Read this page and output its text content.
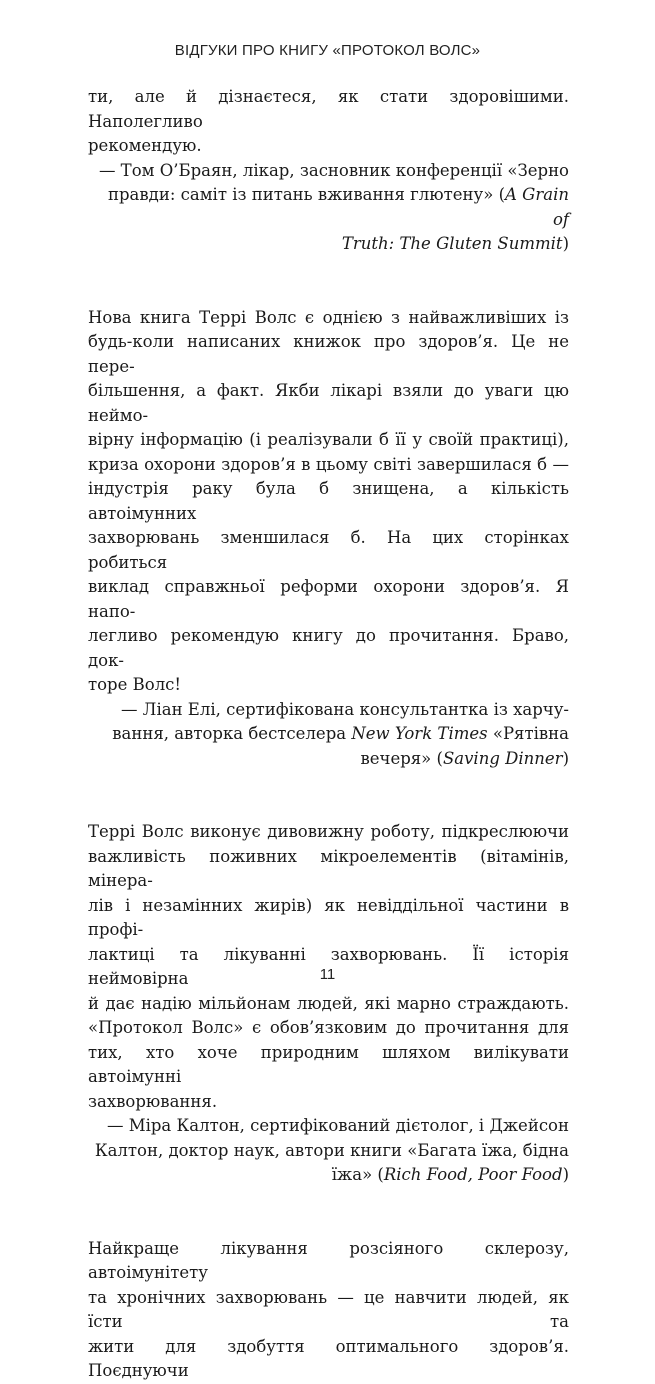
ВІДГУКИ ПРО КНИГУ «ПРОТОКОЛ ВОЛС»

ти, але й дізнаєтеся, як стати здоровішими. Наполегливо

рекомендую.

— Том О’Браян, лікар, засновник конференції «Зерно

правди: саміт із питань вживання глютену» (A Grain of

Truth: The Gluten Summit)

Нова книга Террі Волс є однією з найважливіших із

будь-коли написаних книжок про здоров’я. Це не пере-

більшення, а факт. Якби лікарі взяли до уваги цю неймо-

вірну інформацію (і реалізували б її у своїй практиці),

криза охорони здоров’я в цьому світі завершилася б —

індустрія раку була б знищена, а кількість автоімунних

захворювань зменшилася б. На цих сторінках робиться

виклад справжньої реформи охорони здоров’я. Я напо-

легливо рекомендую книгу до прочитання. Браво, док-

торе Волс!

— Ліан Елі, сертифікована консультантка із харчу-

вання, авторка бестселера New York Times «Рятівна

вечеря» (Saving Dinner)

Террі Волс виконує дивовижну роботу, підкреслюючи

важливість поживних мікроелементів (вітамінів, мінера-

лів і незамінних жирів) як невіддільної частини в профі-

лактиці та лікуванні захворювань. Її історія неймовірна

й дає надію мільйонам людей, які марно страждають.

«Протокол Волс» є обов’язковим до прочитання для

тих, хто хоче природним шляхом вилікувати автоімунні

захворювання.

— Міра Калтон, сертифікований дієтолог, і Джейсон

Калтон, доктор наук, автори книги «Багата їжа, бідна

їжа» (Rich Food, Poor Food)

Найкраще лікування розсіяного склерозу, автоімунітету

та хронічних захворювань — це навчити людей, як їсти та

жити для здобуття оптимального здоров’я. Поєднуючи

11
